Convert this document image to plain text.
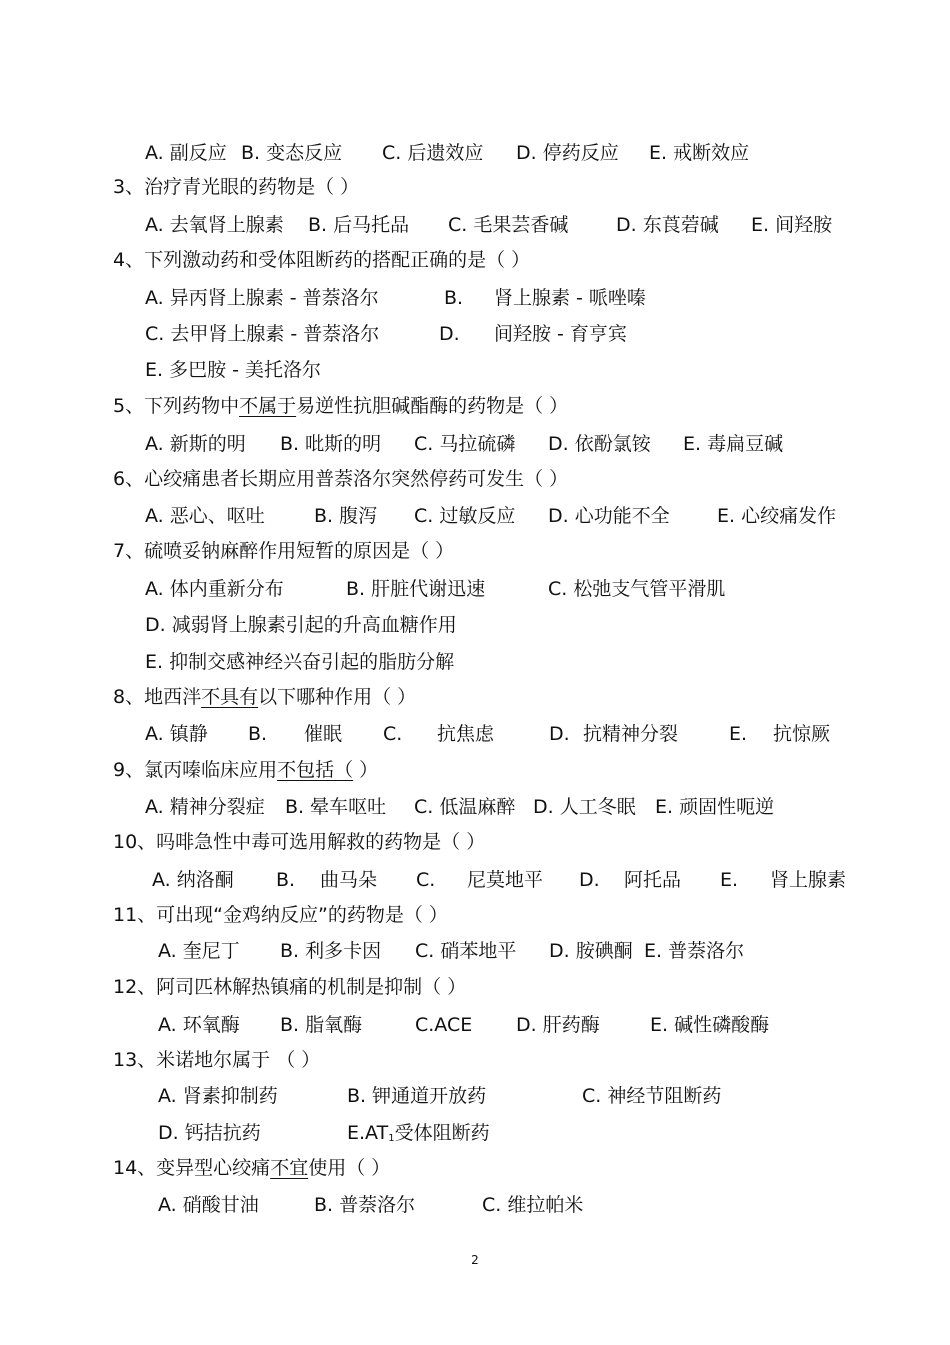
A. 副反应 B. 变态反应 C. 后遗效应 D. 停药反应 E. 戒断效应
3、治疗青光眼的药物是（ ）
A. 去氧肾上腺素 B. 后马托品 C. 毛果芸香碱	D. 东莨菪碱 E. 间羟胺
4、下列激动药和受体阻断药的搭配正确的是（ ）
A. 异丙肾上腺素 - 普萘洛尔	B. 肾上腺素 - 哌唑嗪
C. 去甲肾上腺素 - 普萘洛尔	D. 间羟胺 - 育亨宾
E. 多巴胺 - 美托洛尔
5、下列药物中不属于易逆性抗胆碱酯酶的药物是（ ）
A. 新斯的明 B. 吡斯的明 C. 马拉硫磷 D. 依酚氯铵 E. 毒扁豆碱
6、心绞痛患者长期应用普萘洛尔突然停药可发生（ ）
A. 恶心、呕吐	B. 腹泻 C. 过敏反应 D. 心功能不全 E. 心绞痛发作
7、硫喷妥钠麻醉作用短暂的原因是（ ）
A. 体内重新分布	B. 肝脏代谢迅速	C. 松弛支气管平滑肌
D. 减弱肾上腺素引起的升高血糖作用
E. 抑制交感神经兴奋引起的脂肪分解
8、地西泮不具有以下哪种作用（ ）
A. 镇静 B. 催眠 C. 抗焦虑	D. 抗精神分裂	E. 抗惊厥
9、氯丙嗪临床应用不包括（ ）
A. 精神分裂症 B. 晕车呕吐 C. 低温麻醉 D. 人工冬眠 E. 顽固性呃逆
10、吗啡急性中毒可选用解救的药物是（ ）
A. 纳洛酮 B. 曲马朵 C. 尼莫地平 D. 阿托品 E. 肾上腺素
11、可出现“金鸡纳反应”的药物是（ ）
A. 奎尼丁 B. 利多卡因 C. 硝苯地平 D. 胺碘酮 E. 普萘洛尔
12、阿司匹林解热镇痛的机制是抑制（ ）
A. 环氧酶 B. 脂氧酶	C.ACE D. 肝药酶	E. 碱性磷酸酶
13、米诺地尔属于 （ ）
A. 肾素抑制药	B. 钾通道开放药	C. 神经节阻断药
D. 钙拮抗药	$E.AT_1$受体阻断药
14、变异型心绞痛不宜使用（ ）
A. 硝酸甘油	B. 普萘洛尔	C. 维拉帕米
2
